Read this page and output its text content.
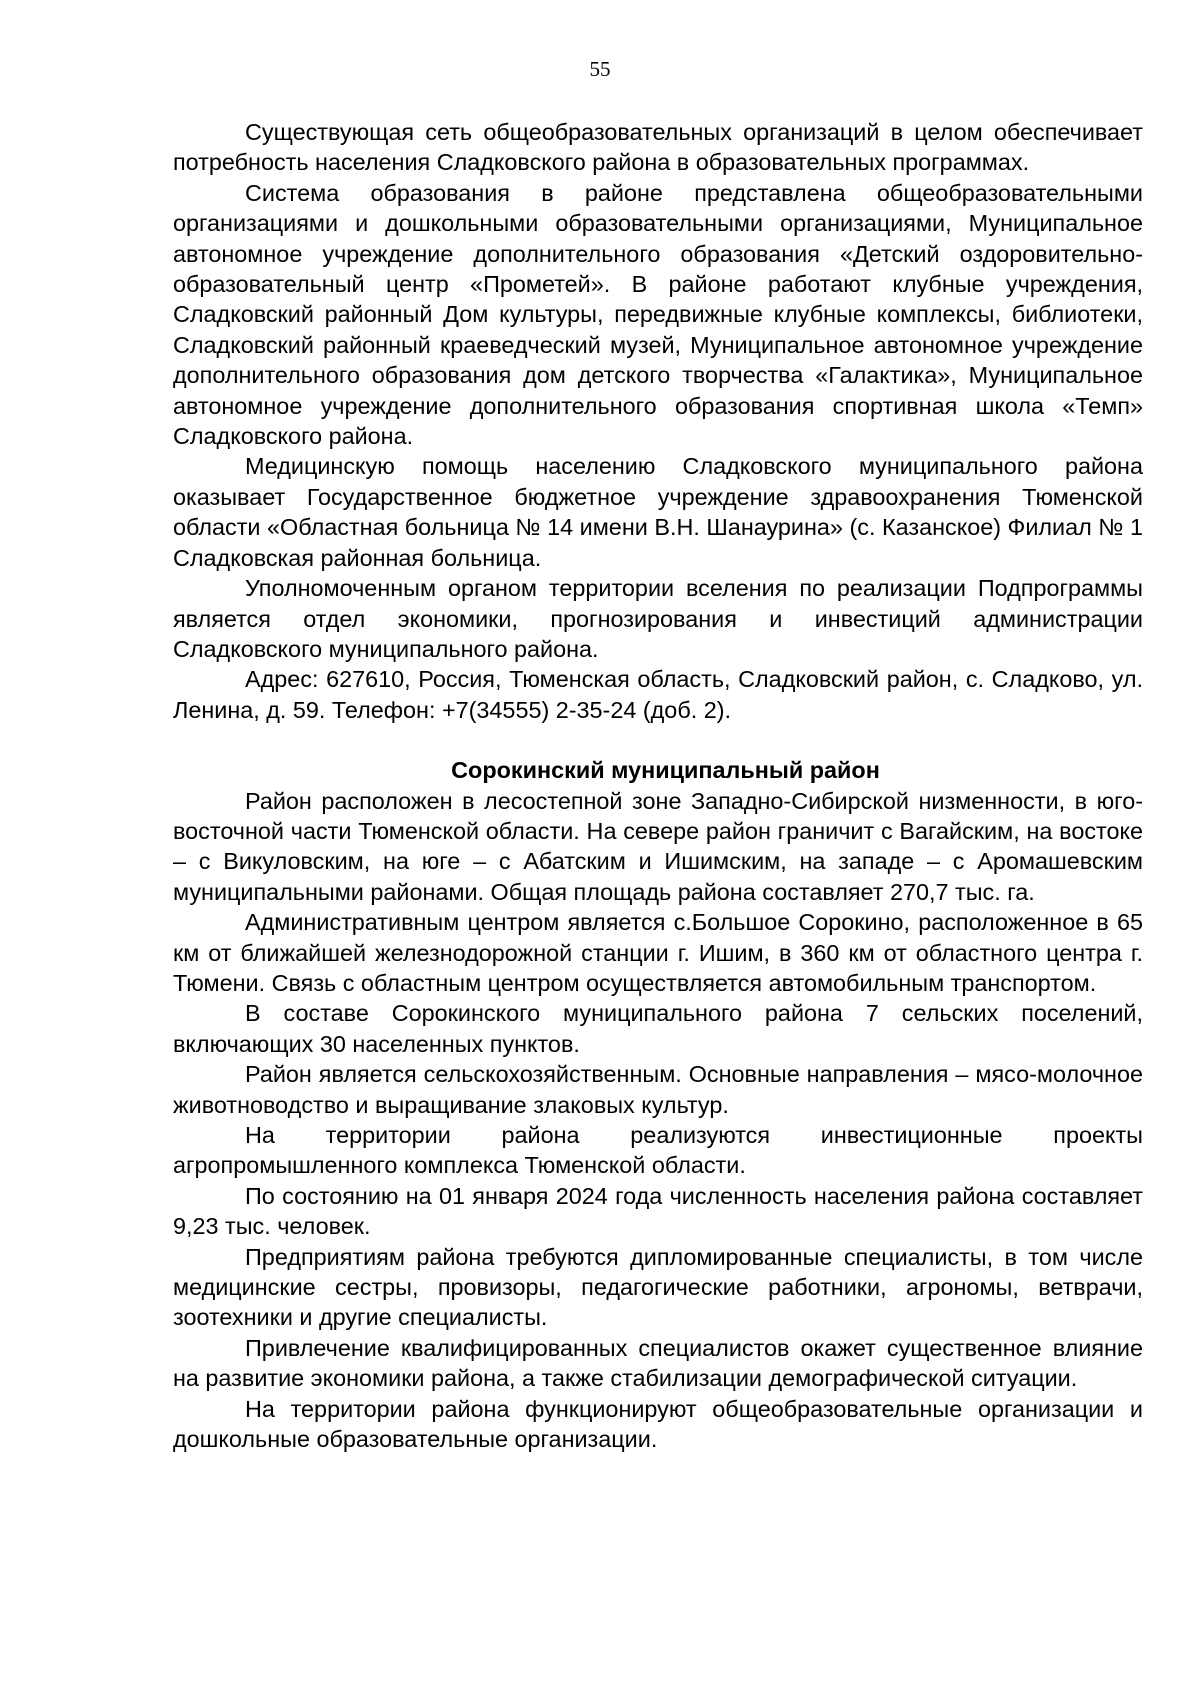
55

Существующая сеть общеобразовательных организаций в целом обеспечивает потребность населения Сладковского района в образовательных программах.

Система образования в районе представлена общеобразовательными организациями и дошкольными образовательными организациями, Муниципальное автономное учреждение дополнительного образования «Детский оздоровительно-образовательный центр «Прометей». В районе работают клубные учреждения, Сладковский районный Дом культуры, передвижные клубные комплексы, библиотеки, Сладковский районный краеведческий музей, Муниципальное автономное учреждение дополнительного образования дом детского творчества «Галактика», Муниципальное автономное учреждение дополнительного образования спортивная школа «Темп» Сладковского района.

Медицинскую помощь населению Сладковского муниципального района оказывает Государственное бюджетное учреждение здравоохранения Тюменской области «Областная больница № 14 имени В.Н. Шанаурина» (с. Казанское) Филиал № 1 Сладковская районная больница.

Уполномоченным органом территории вселения по реализации Подпрограммы является отдел экономики, прогнозирования и инвестиций администрации Сладковского муниципального района.

Адрес: 627610, Россия, Тюменская область, Сладковский район, с. Сладково, ул. Ленина, д. 59. Телефон: +7(34555) 2-35-24 (доб. 2).

Сорокинский муниципальный район

Район расположен в лесостепной зоне Западно-Сибирской низменности, в юго-восточной части Тюменской области. На севере район граничит с Вагайским, на востоке – с Викуловским, на юге – с Абатским и Ишимским, на западе – с Аромашевским муниципальными районами. Общая площадь района составляет 270,7 тыс. га.

Административным центром является с.Большое Сорокино, расположенное в 65 км от ближайшей железнодорожной станции г. Ишим, в 360 км от областного центра г. Тюмени. Связь с областным центром осуществляется автомобильным транспортом.

В составе Сорокинского муниципального района 7 сельских поселений, включающих 30 населенных пунктов.

Район является сельскохозяйственным. Основные направления – мясо-молочное животноводство и выращивание злаковых культур.

На территории района реализуются инвестиционные проекты агропромышленного комплекса Тюменской области.

По состоянию на 01 января 2024 года численность населения района составляет 9,23 тыс. человек.

Предприятиям района требуются дипломированные специалисты, в том числе медицинские сестры, провизоры, педагогические работники, агрономы, ветврачи, зоотехники и другие специалисты.

Привлечение квалифицированных специалистов окажет существенное влияние на развитие экономики района, а также стабилизации демографической ситуации.

На территории района функционируют общеобразовательные организации и дошкольные образовательные организации.
